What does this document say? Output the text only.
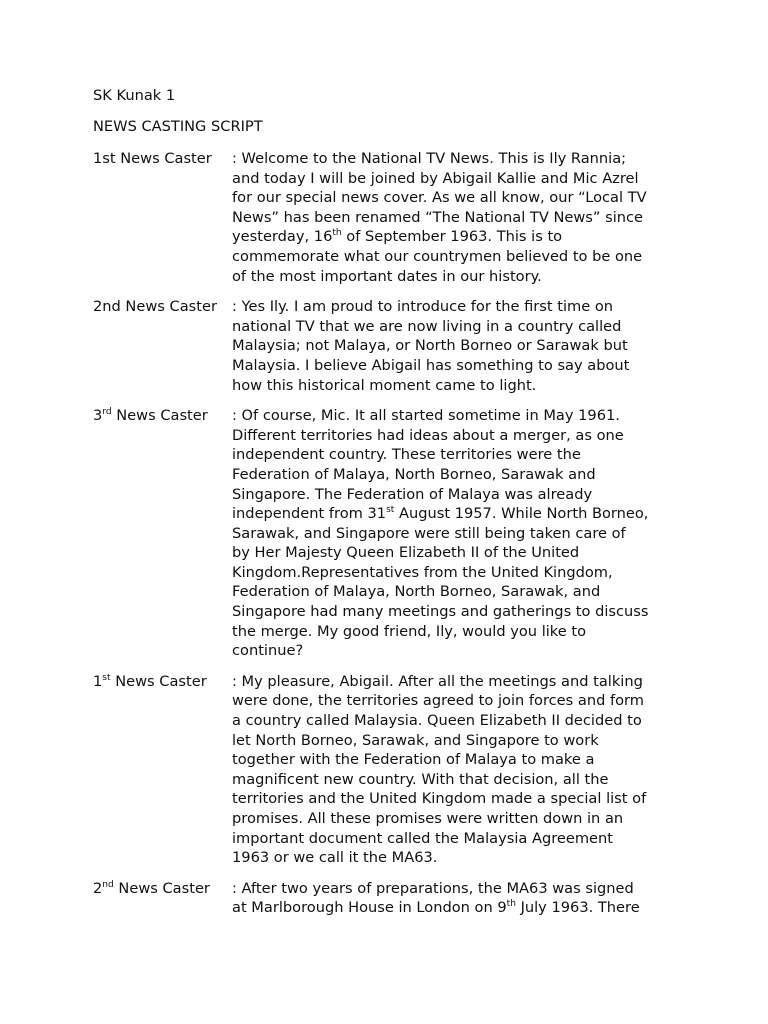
SK Kunak 1
NEWS CASTING SCRIPT
1st News Caster	: Welcome to the National TV News. This is Ily Rannia;
and today I will be joined by Abigail Kallie and Mic Azrel
for our special news cover. As we all know, our “Local TV
News” has been renamed “The National TV News” since
yesterday, 16th of September 1963. This is to
commemorate what our countrymen believed to be one
of the most important dates in our history.
2nd News Caster	: Yes Ily. I am proud to introduce for the first time on
national TV that we are now living in a country called
Malaysia; not Malaya, or North Borneo or Sarawak but
Malaysia. I believe Abigail has something to say about
how this historical moment came to light.
3rd News Caster	: Of course, Mic. It all started sometime in May 1961.
Different territories had ideas about a merger, as one
independent country. These territories were the
Federation of Malaya, North Borneo, Sarawak and
Singapore. The Federation of Malaya was already
independent from 31st August 1957. While North Borneo,
Sarawak, and Singapore were still being taken care of
by Her Majesty Queen Elizabeth II of the United
Kingdom.Representatives from the United Kingdom,
Federation of Malaya, North Borneo, Sarawak, and
Singapore had many meetings and gatherings to discuss
the merge. My good friend, Ily, would you like to
continue?
1st News Caster	: My pleasure, Abigail. After all the meetings and talking
were done, the territories agreed to join forces and form
a country called Malaysia. Queen Elizabeth II decided to
let North Borneo, Sarawak, and Singapore to work
together with the Federation of Malaya to make a
magnificent new country. With that decision, all the
territories and the United Kingdom made a special list of
promises. All these promises were written down in an
important document called the Malaysia Agreement
1963 or we call it the MA63.
2nd News Caster	: After two years of preparations, the MA63 was signed
at Marlborough House in London on 9th July 1963. There
